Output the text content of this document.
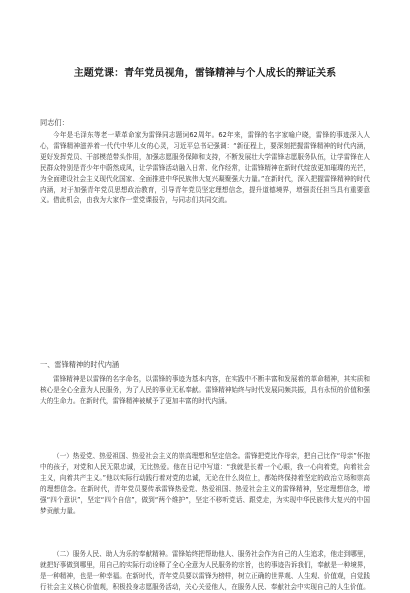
主题党课：青年党员视角，雷锋精神与个人成长的辩证关系
同志们：

今年是毛泽东等老一辈革命家为雷锋同志题词62周年。62年来，雷锋的名字家喻户晓，雷锋的事迹深入人心，雷锋精神滋养着一代代中华儿女的心灵，习近平总书记强调：“新征程上，要深刻把握雷锋精神的时代内涵，更好发挥党员、干部模范带头作用，加强志愿服务保障和支持，不断发展壮大学雷锋志愿服务队伍，让学雷锋在人民群众特别是青少年中蔚然成风，让学雷锋活动融入日常、化作经常，让雷锋精神在新时代绽放更加璀璨的光芒，为全面建设社会主义现代化国家、全面推进中华民族伟大复兴凝聚强大力量。”在新时代，深入把握雷锋精神的时代内涵，对于加强青年党员思想政治教育，引导青年党员坚定理想信念，提升道德境界，增强责任担当具有重要意义。借此机会，由我为大家作一堂党课报告，与同志们共同交流。

一、雷锋精神的时代内涵

雷锋精神是以雷锋的名字命名，以雷锋的事迹为基本内容，在实践中不断丰富和发展着的革命精神，其实质和核心是全心全意为人民服务，为了人民的事业无私奉献。雷锋精神始终与时代发展同频共振，具有永恒的价值和强大的生命力。在新时代，雷锋精神被赋予了更加丰富的时代内涵。

（一）热爱党、热爱祖国、热爱社会主义的崇高理想和坚定信念。雷锋把党比作母亲，把自己比作“母亲”怀抱中的孩子，对党和人民无限忠诚，无比热爱。他在日记中写道：“我就是长着一个心眼，我一心向着党，向着社会主义，向着共产主义。”他以实际行动践行着对党的忠诚，无论在什么岗位上，都始终保持着坚定的政治立场和崇高的理想信念。在新时代，青年党员要传承雷锋热爱党、热爱祖国、热爱社会主义的雷锋精神，坚定理想信念，增强“四个意识”，坚定“四个自信”，做到“两个维护”，坚定不移听党话、跟党走，为实现中华民族伟大复兴的中国梦贡献力量。

（二）服务人民、助人为乐的奉献精神。雷锋始终把帮助他人、服务社会作为自己的人生追求，他走到哪里，就把好事做到哪里，用自己的实际行动诠释了全心全意为人民服务的宗旨，也的事迹告诉我们，奉献是一种境界，是一种精神，也是一种幸福。在新时代，青年党员要以雷锋为榜样，树立正确的世界观、人生观、价值观，自觉践行社会主义核心价值观，积极投身志愿服务活动，关心关爱他人，在服务人民、奉献社会中实现自己的人生价值。
